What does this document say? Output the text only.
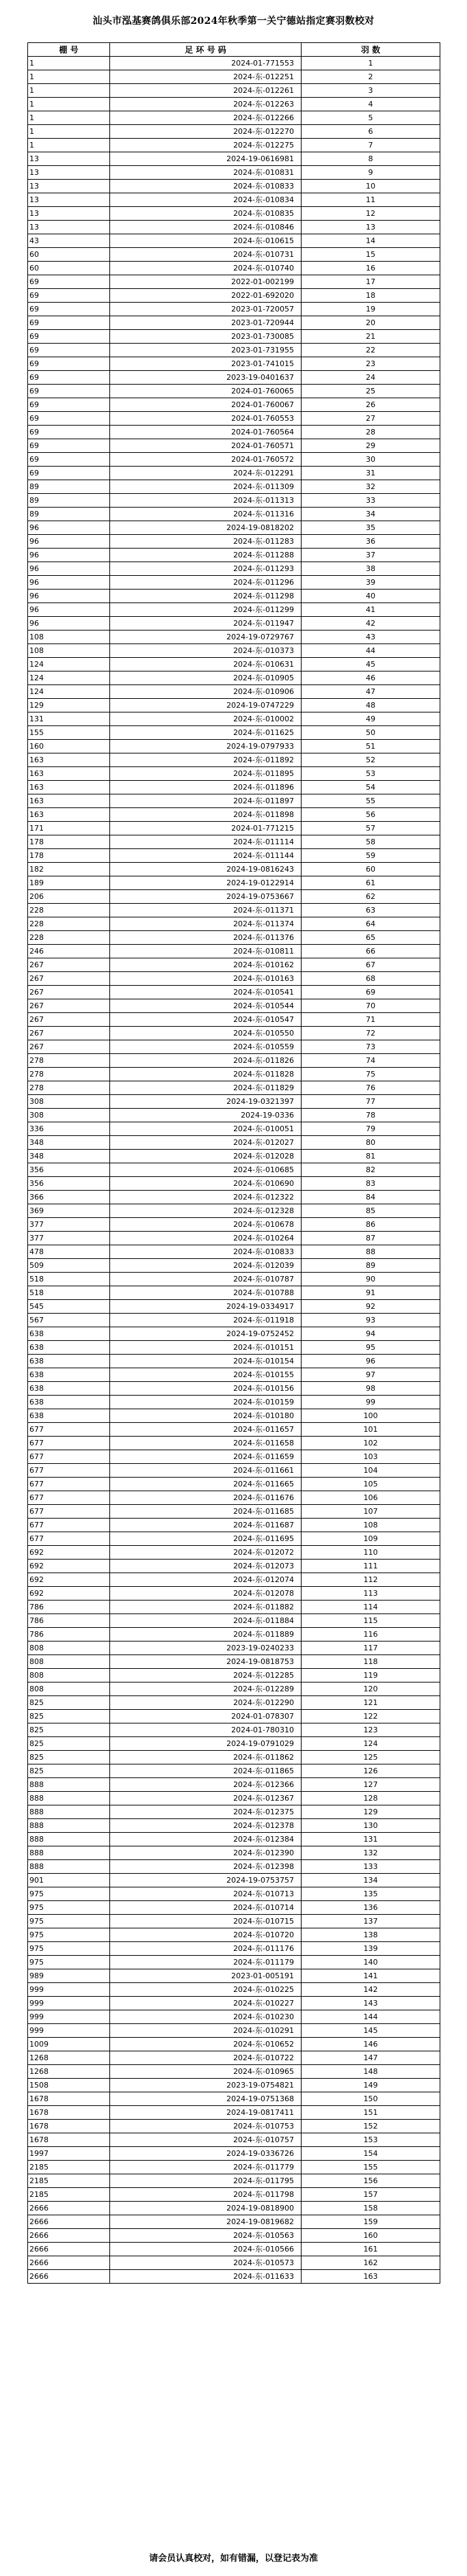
汕头市泓基赛鸽俱乐部2024年秋季第一关宁德站指定赛羽数校对
棚 号	足 环 号 码	羽 数
1	2024-01-771553	1
1	2024-东-012251	2
1	2024-东-012261	3
1	2024-东-012263	4
1	2024-东-012266	5
1	2024-东-012270	6
1	2024-东-012275	7
13	2024-19-0616981	8
13	2024-东-010831	9
13	2024-东-010833	10
13	2024-东-010834	11
13	2024-东-010835	12
13	2024-东-010846	13
43	2024-东-010615	14
60	2024-东-010731	15
60	2024-东-010740	16
69	2022-01-002199	17
69	2022-01-692020	18
69	2023-01-720057	19
69	2023-01-720944	20
69	2023-01-730085	21
69	2023-01-731955	22
69	2023-01-741015	23
69	2023-19-0401637	24
69	2024-01-760065	25
69	2024-01-760067	26
69	2024-01-760553	27
69	2024-01-760564	28
69	2024-01-760571	29
69	2024-01-760572	30
69	2024-东-012291	31
89	2024-东-011309	32
89	2024-东-011313	33
89	2024-东-011316	34
96	2024-19-0818202	35
96	2024-东-011283	36
96	2024-东-011288	37
96	2024-东-011293	38
96	2024-东-011296	39
96	2024-东-011298	40
96	2024-东-011299	41
96	2024-东-011947	42
108	2024-19-0729767	43
108	2024-东-010373	44
124	2024-东-010631	45
124	2024-东-010905	46
124	2024-东-010906	47
129	2024-19-0747229	48
131	2024-东-010002	49
155	2024-东-011625	50
160	2024-19-0797933	51
163	2024-东-011892	52
163	2024-东-011895	53
163	2024-东-011896	54
163	2024-东-011897	55
163	2024-东-011898	56
171	2024-01-771215	57
178	2024-东-011114	58
178	2024-东-011144	59
182	2024-19-0816243	60
189	2024-19-0122914	61
206	2024-19-0753667	62
228	2024-东-011371	63
228	2024-东-011374	64
228	2024-东-011376	65
246	2024-东-010811	66
267	2024-东-010162	67
267	2024-东-010163	68
267	2024-东-010541	69
267	2024-东-010544	70
267	2024-东-010547	71
267	2024-东-010550	72
267	2024-东-010559	73
278	2024-东-011826	74
278	2024-东-011828	75
278	2024-东-011829	76
308	2024-19-0321397	77
308	2024-19-0336	78
336	2024-东-010051	79
348	2024-东-012027	80
348	2024-东-012028	81
356	2024-东-010685	82
356	2024-东-010690	83
366	2024-东-012322	84
369	2024-东-012328	85
377	2024-东-010678	86
377	2024-东-010264	87
478	2024-东-010833	88
509	2024-东-012039	89
518	2024-东-010787	90
518	2024-东-010788	91
545	2024-19-0334917	92
567	2024-东-011918	93
638	2024-19-0752452	94
638	2024-东-010151	95
638	2024-东-010154	96
638	2024-东-010155	97
638	2024-东-010156	98
638	2024-东-010159	99
638	2024-东-010180	100
677	2024-东-011657	101
677	2024-东-011658	102
677	2024-东-011659	103
677	2024-东-011661	104
677	2024-东-011665	105
677	2024-东-011676	106
677	2024-东-011685	107
677	2024-东-011687	108
677	2024-东-011695	109
692	2024-东-012072	110
692	2024-东-012073	111
692	2024-东-012074	112
692	2024-东-012078	113
786	2024-东-011882	114
786	2024-东-011884	115
786	2024-东-011889	116
808	2023-19-0240233	117
808	2024-19-0818753	118
808	2024-东-012285	119
808	2024-东-012289	120
825	2024-东-012290	121
825	2024-01-078307	122
825	2024-01-780310	123
825	2024-19-0791029	124
825	2024-东-011862	125
825	2024-东-011865	126
888	2024-东-012366	127
888	2024-东-012367	128
888	2024-东-012375	129
888	2024-东-012378	130
888	2024-东-012384	131
888	2024-东-012390	132
888	2024-东-012398	133
901	2024-19-0753757	134
975	2024-东-010713	135
975	2024-东-010714	136
975	2024-东-010715	137
975	2024-东-010720	138
975	2024-东-011176	139
975	2024-东-011179	140
989	2023-01-005191	141
999	2024-东-010225	142
999	2024-东-010227	143
999	2024-东-010230	144
999	2024-东-010291	145
1009	2024-东-010652	146
1268	2024-东-010722	147
1268	2024-东-010965	148
1508	2023-19-0754821	149
1678	2024-19-0751368	150
1678	2024-19-0817411	151
1678	2024-东-010753	152
1678	2024-东-010757	153
1997	2024-19-0336726	154
2185	2024-东-011779	155
2185	2024-东-011795	156
2185	2024-东-011798	157
2666	2024-19-0818900	158
2666	2024-19-0819682	159
2666	2024-东-010563	160
2666	2024-东-010566	161
2666	2024-东-010573	162
2666	2024-东-011633	163
请会员认真校对，如有错漏，以登记表为准
